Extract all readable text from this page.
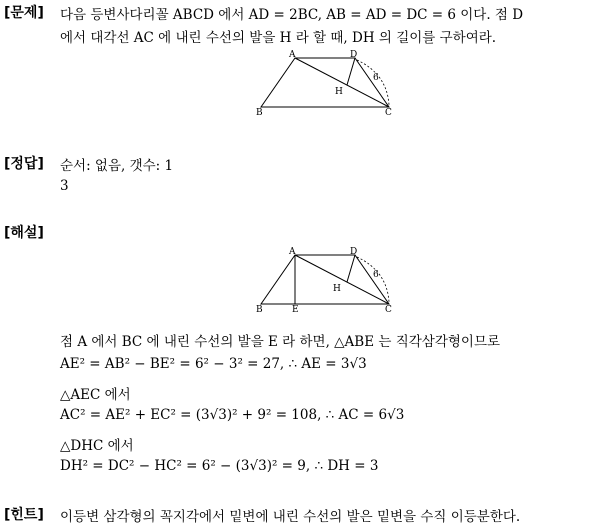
[문제] 다음 등변사다리꼴 ABCD 에서 AD = 2BC, AB = AD = DC = 6 이다. 점 D
에서 대각선 AC 에 내린 수선의 발을 H 라 할 때, DH 의 길이를 구하여라.
A	D
B	C
H
6
[정답] 순서: 없음, 갯수: 1
3
[해설]
A	D
B	E	C
H
6
점 A 에서 BC 에 내린 수선의 발을 E 라 하면, △ABE 는 직각삼각형이므로
AE² = AB² − BE² = 6² − 3² = 27, ∴ AE = 3√3
△AEC 에서
AC² = AE² + EC² = (3√3)² + 9² = 108, ∴ AC = 6√3
△DHC 에서
DH² = DC² − HC² = 6² − (3√3)² = 9, ∴ DH = 3
[힌트] 이등변 삼각형의 꼭지각에서 밑변에 내린 수선의 발은 밑변을 수직 이등분한다.
